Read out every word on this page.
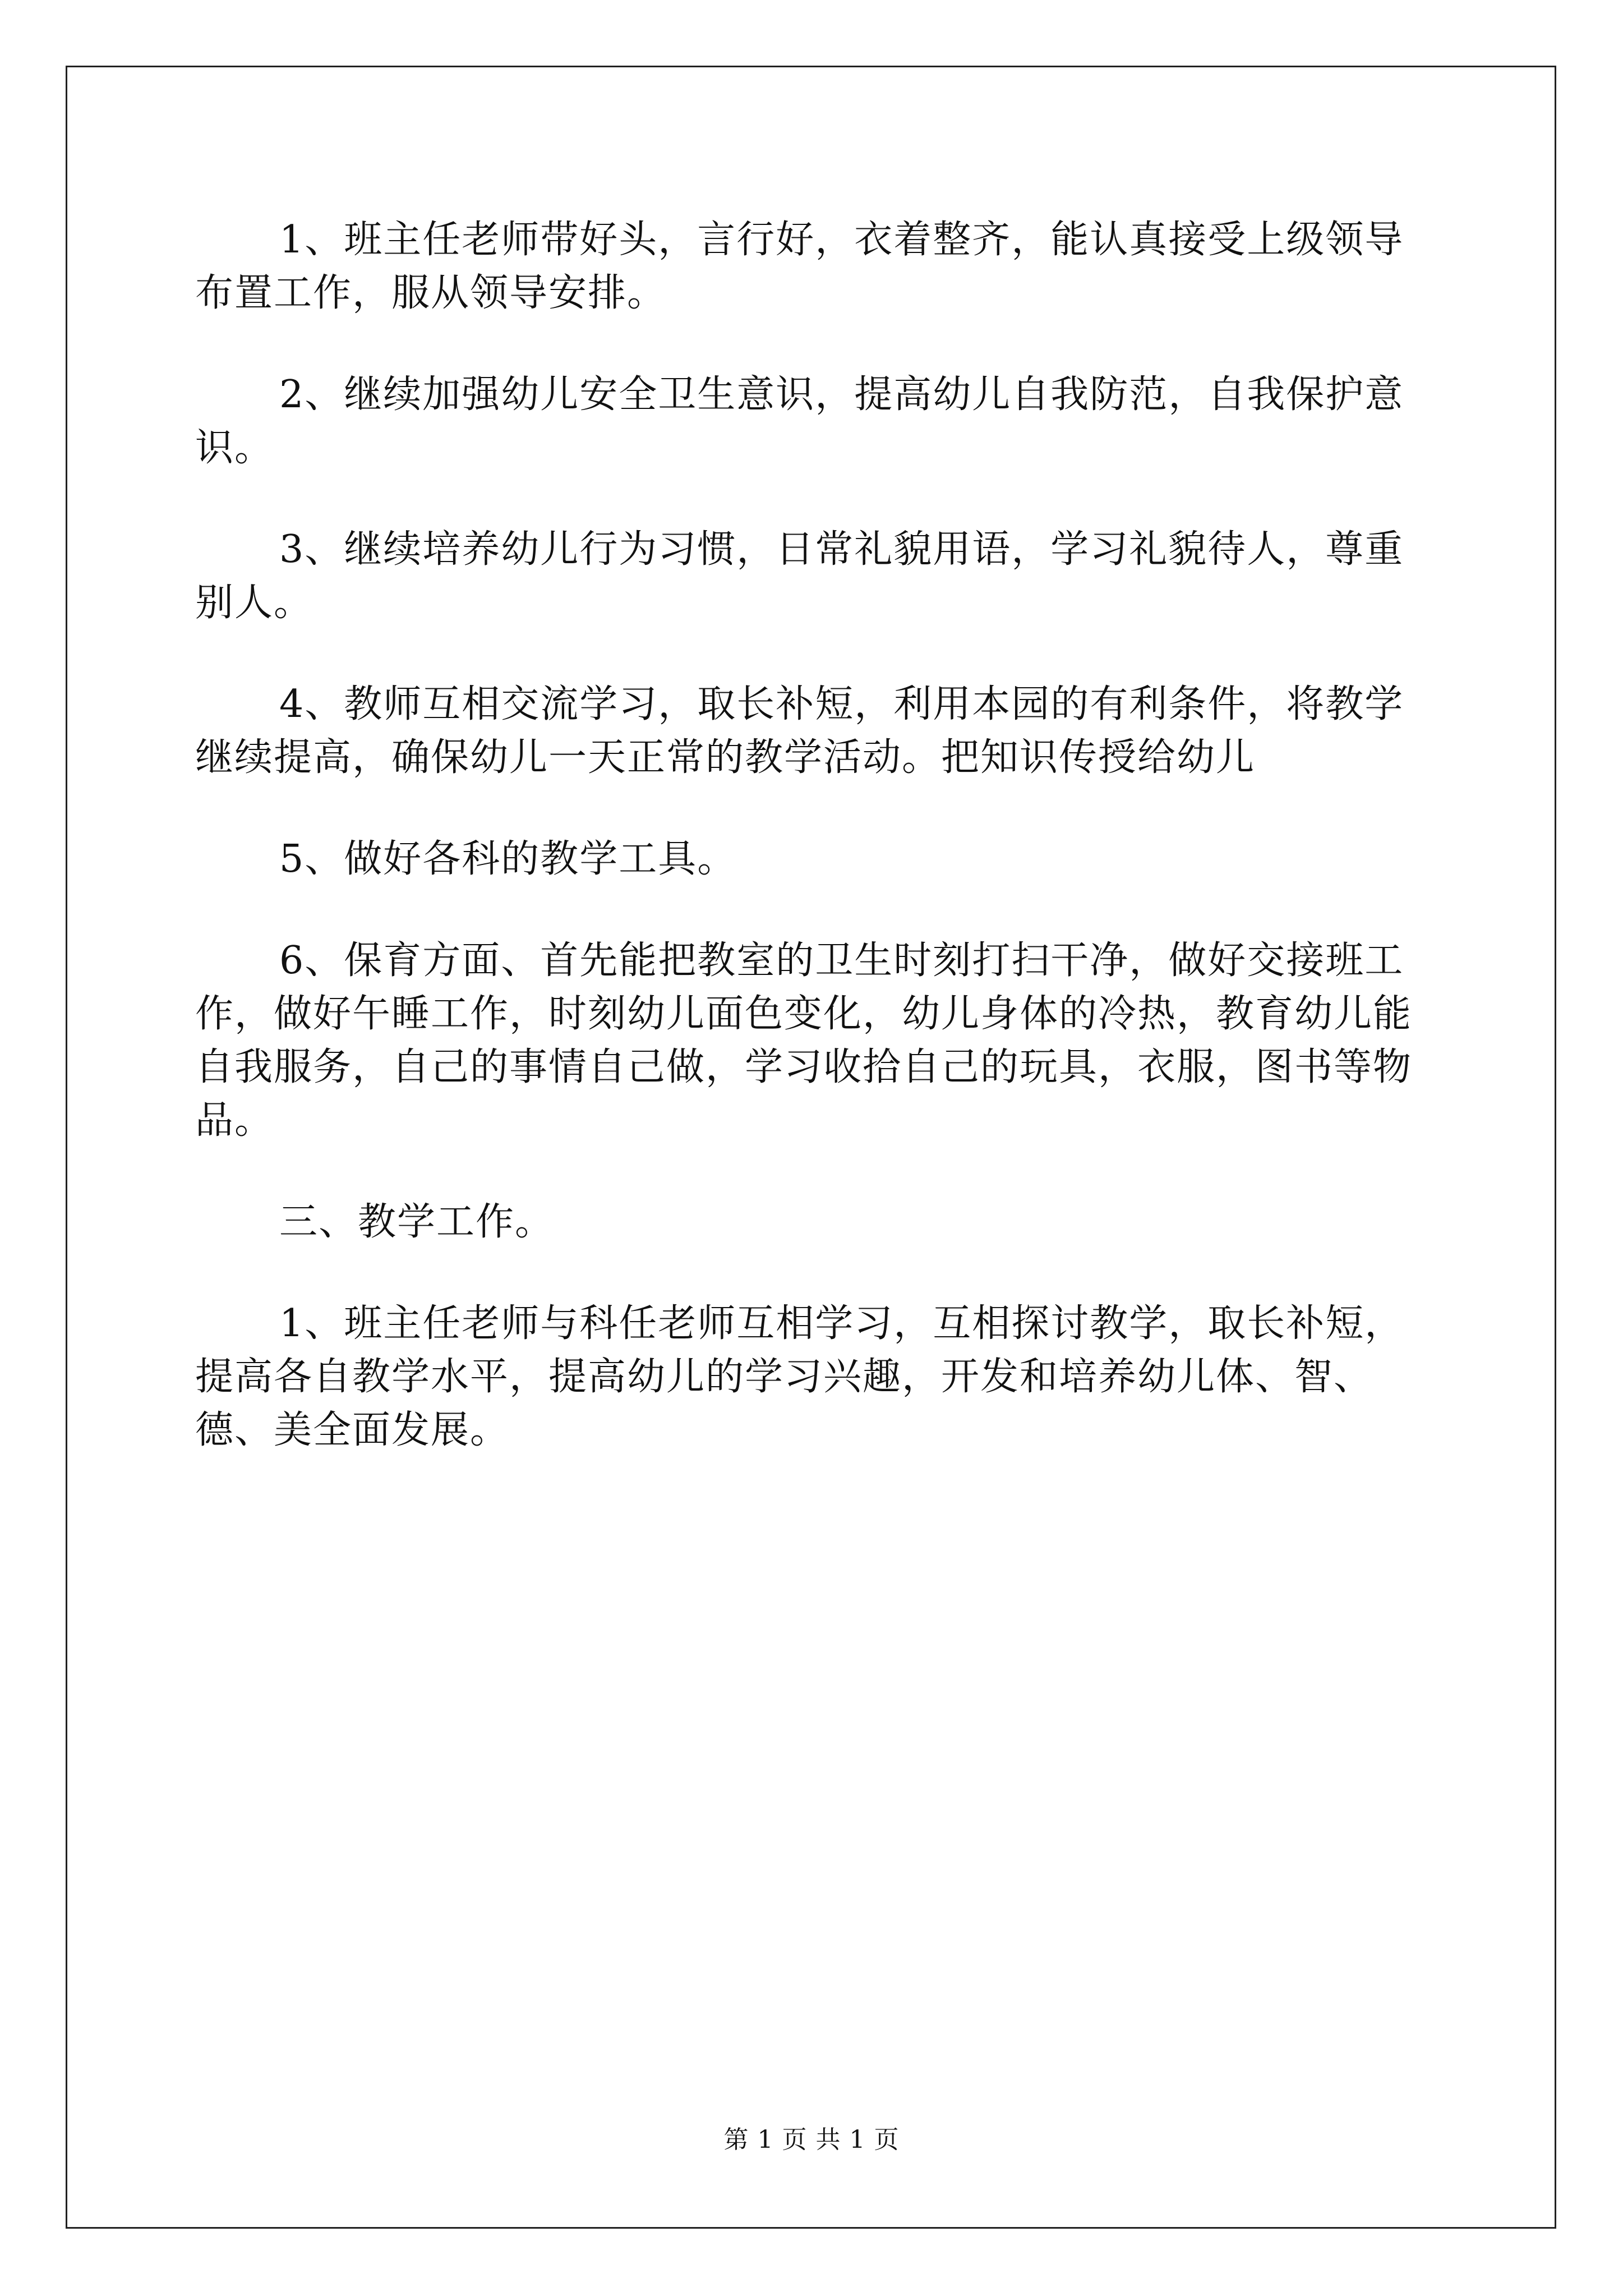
1、班主任老师带好头，言行好，衣着整齐，能认真接受上级领导布置工作，服从领导安排。

2、继续加强幼儿安全卫生意识，提高幼儿自我防范，自我保护意识。

3、继续培养幼儿行为习惯，日常礼貌用语，学习礼貌待人，尊重别人。

4、教师互相交流学习，取长补短，利用本园的有利条件，将教学继续提高，确保幼儿一天正常的教学活动。把知识传授给幼儿

5、做好各科的教学工具。

6、保育方面、首先能把教室的卫生时刻打扫干净，做好交接班工作，做好午睡工作，时刻幼儿面色变化，幼儿身体的冷热，教育幼儿能自我服务，自己的事情自己做，学习收拾自己的玩具，衣服，图书等物品。

三、教学工作。

1、班主任老师与科任老师互相学习，互相探讨教学，取长补短，提高各自教学水平，提高幼儿的学习兴趣，开发和培养幼儿体、智、德、美全面发展。

第 1 页 共 1 页
